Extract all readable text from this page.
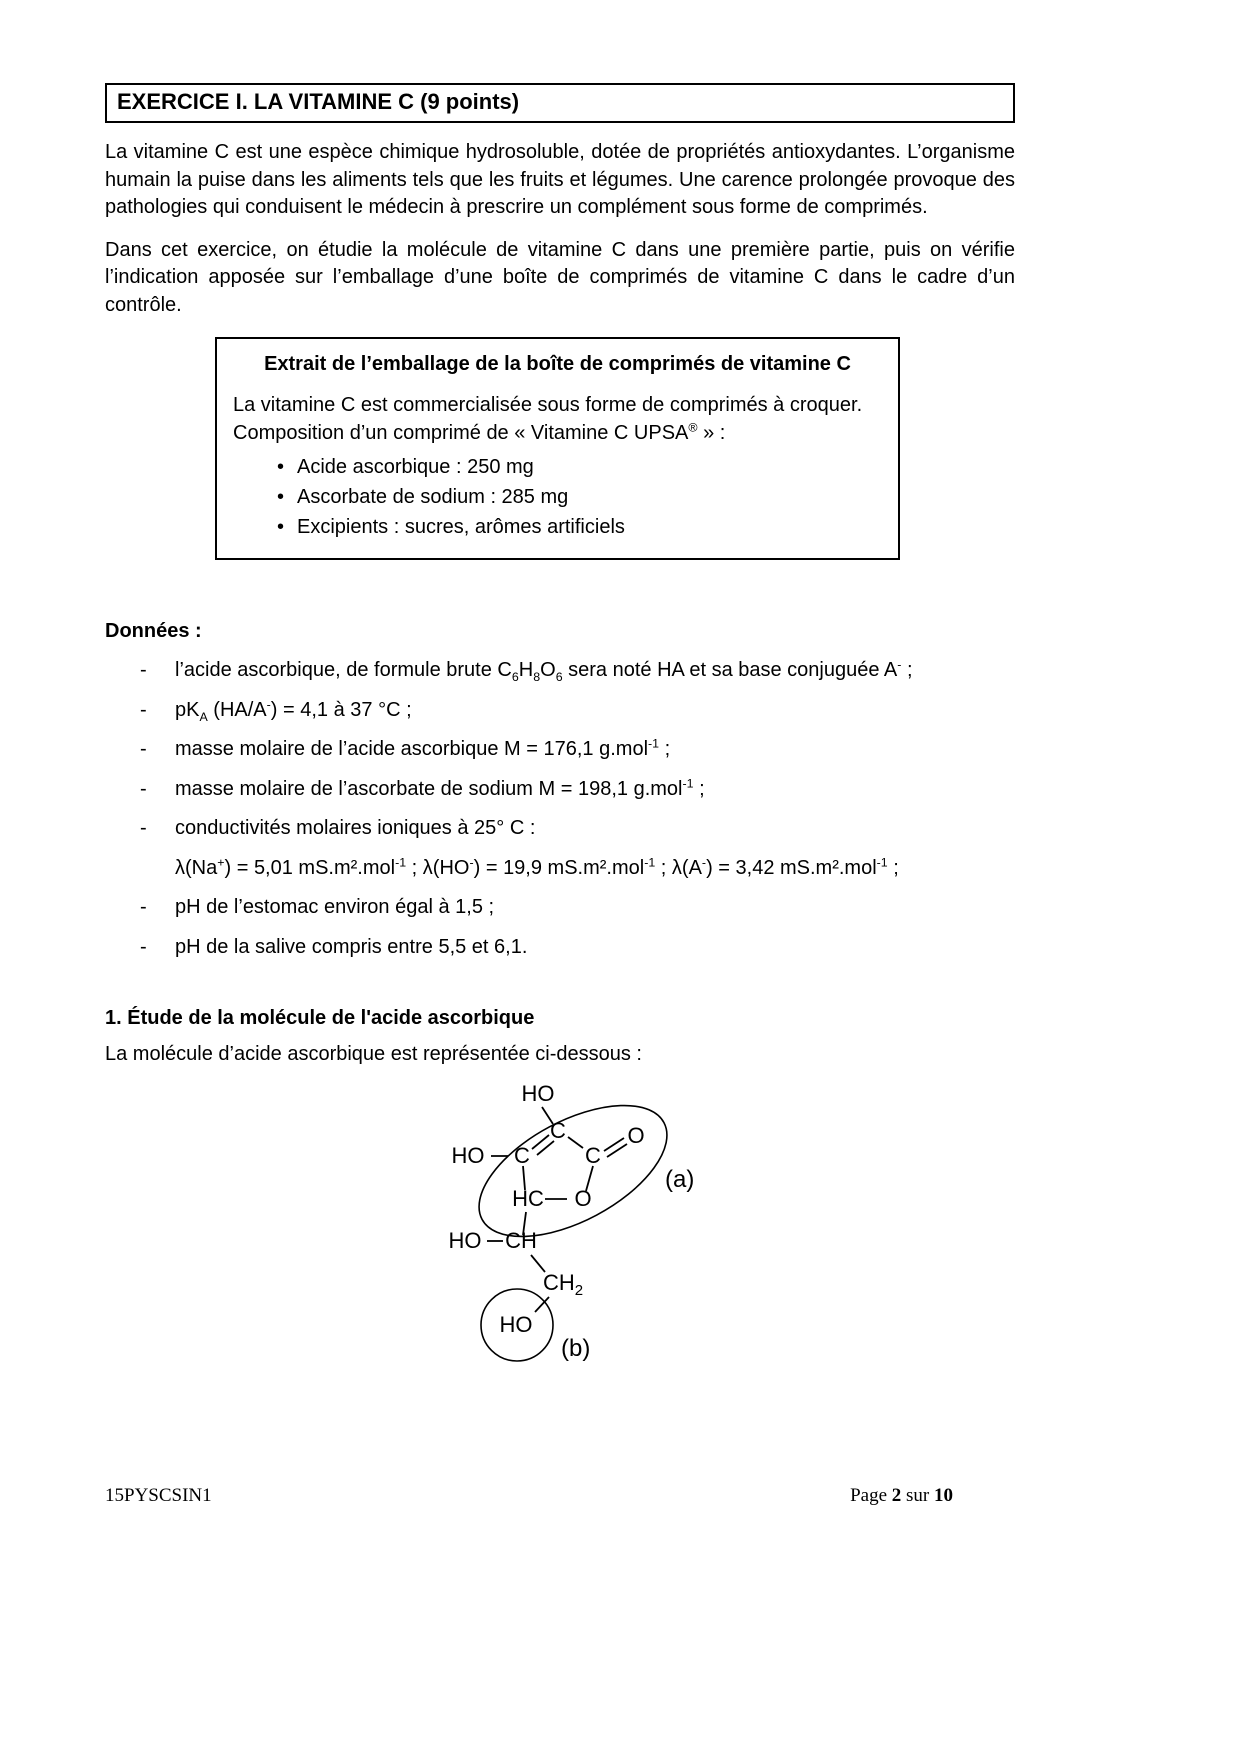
EXERCICE I. LA VITAMINE C (9 points)

La vitamine C est une espèce chimique hydrosoluble, dotée de propriétés antioxydantes. L’organisme humain la puise dans les aliments tels que les fruits et légumes. Une carence prolongée provoque des pathologies qui conduisent le médecin à prescrire un complément sous forme de comprimés.

Dans cet exercice, on étudie la molécule de vitamine C dans une première partie, puis on vérifie l’indication apposée sur l’emballage d’une boîte de comprimés de vitamine C dans le cadre d’un contrôle.

Extrait de l’emballage de la boîte de comprimés de vitamine C

La vitamine C est commercialisée sous forme de comprimés à croquer.

Composition d’un comprimé de « Vitamine C UPSA® » :

• Acide ascorbique : 250 mg
• Ascorbate de sodium : 285 mg
• Excipients : sucres, arômes artificiels
Données :
-	l’acide ascorbique, de formule brute $C_6H_8O_6$ sera noté HA et sa base conjuguée A- ;
-	$pK_A$ (HA/A-) = 4,1 à 37 °C ;
-	masse molaire de l’acide ascorbique M = 176,1 g.mol$^{-1}$ ;
-	masse molaire de l’ascorbate de sodium M = 198,1 g.mol$^{-1}$ ;
-	conductivités molaires ioniques à 25° C :
λ(Na+) = 5,01 mS.m².mol$^{-1}$ ; λ(HO-) = 19,9 mS.m².mol$^{-1}$ ; λ(A-) = 3,42 mS.m².mol$^{-1}$ ;
-	pH de l’estomac environ égal à 1,5 ;
-	pH de la salive compris entre 5,5 et 6,1.
1. Étude de la molécule de l'acide ascorbique

La molécule d’acide ascorbique est représentée ci-dessous :

HO
C
HO C	C
O
HC O
HO CH
$CH_2$
HO
(a)
(b)
15PYSCSIN1	Page 2 sur 10
